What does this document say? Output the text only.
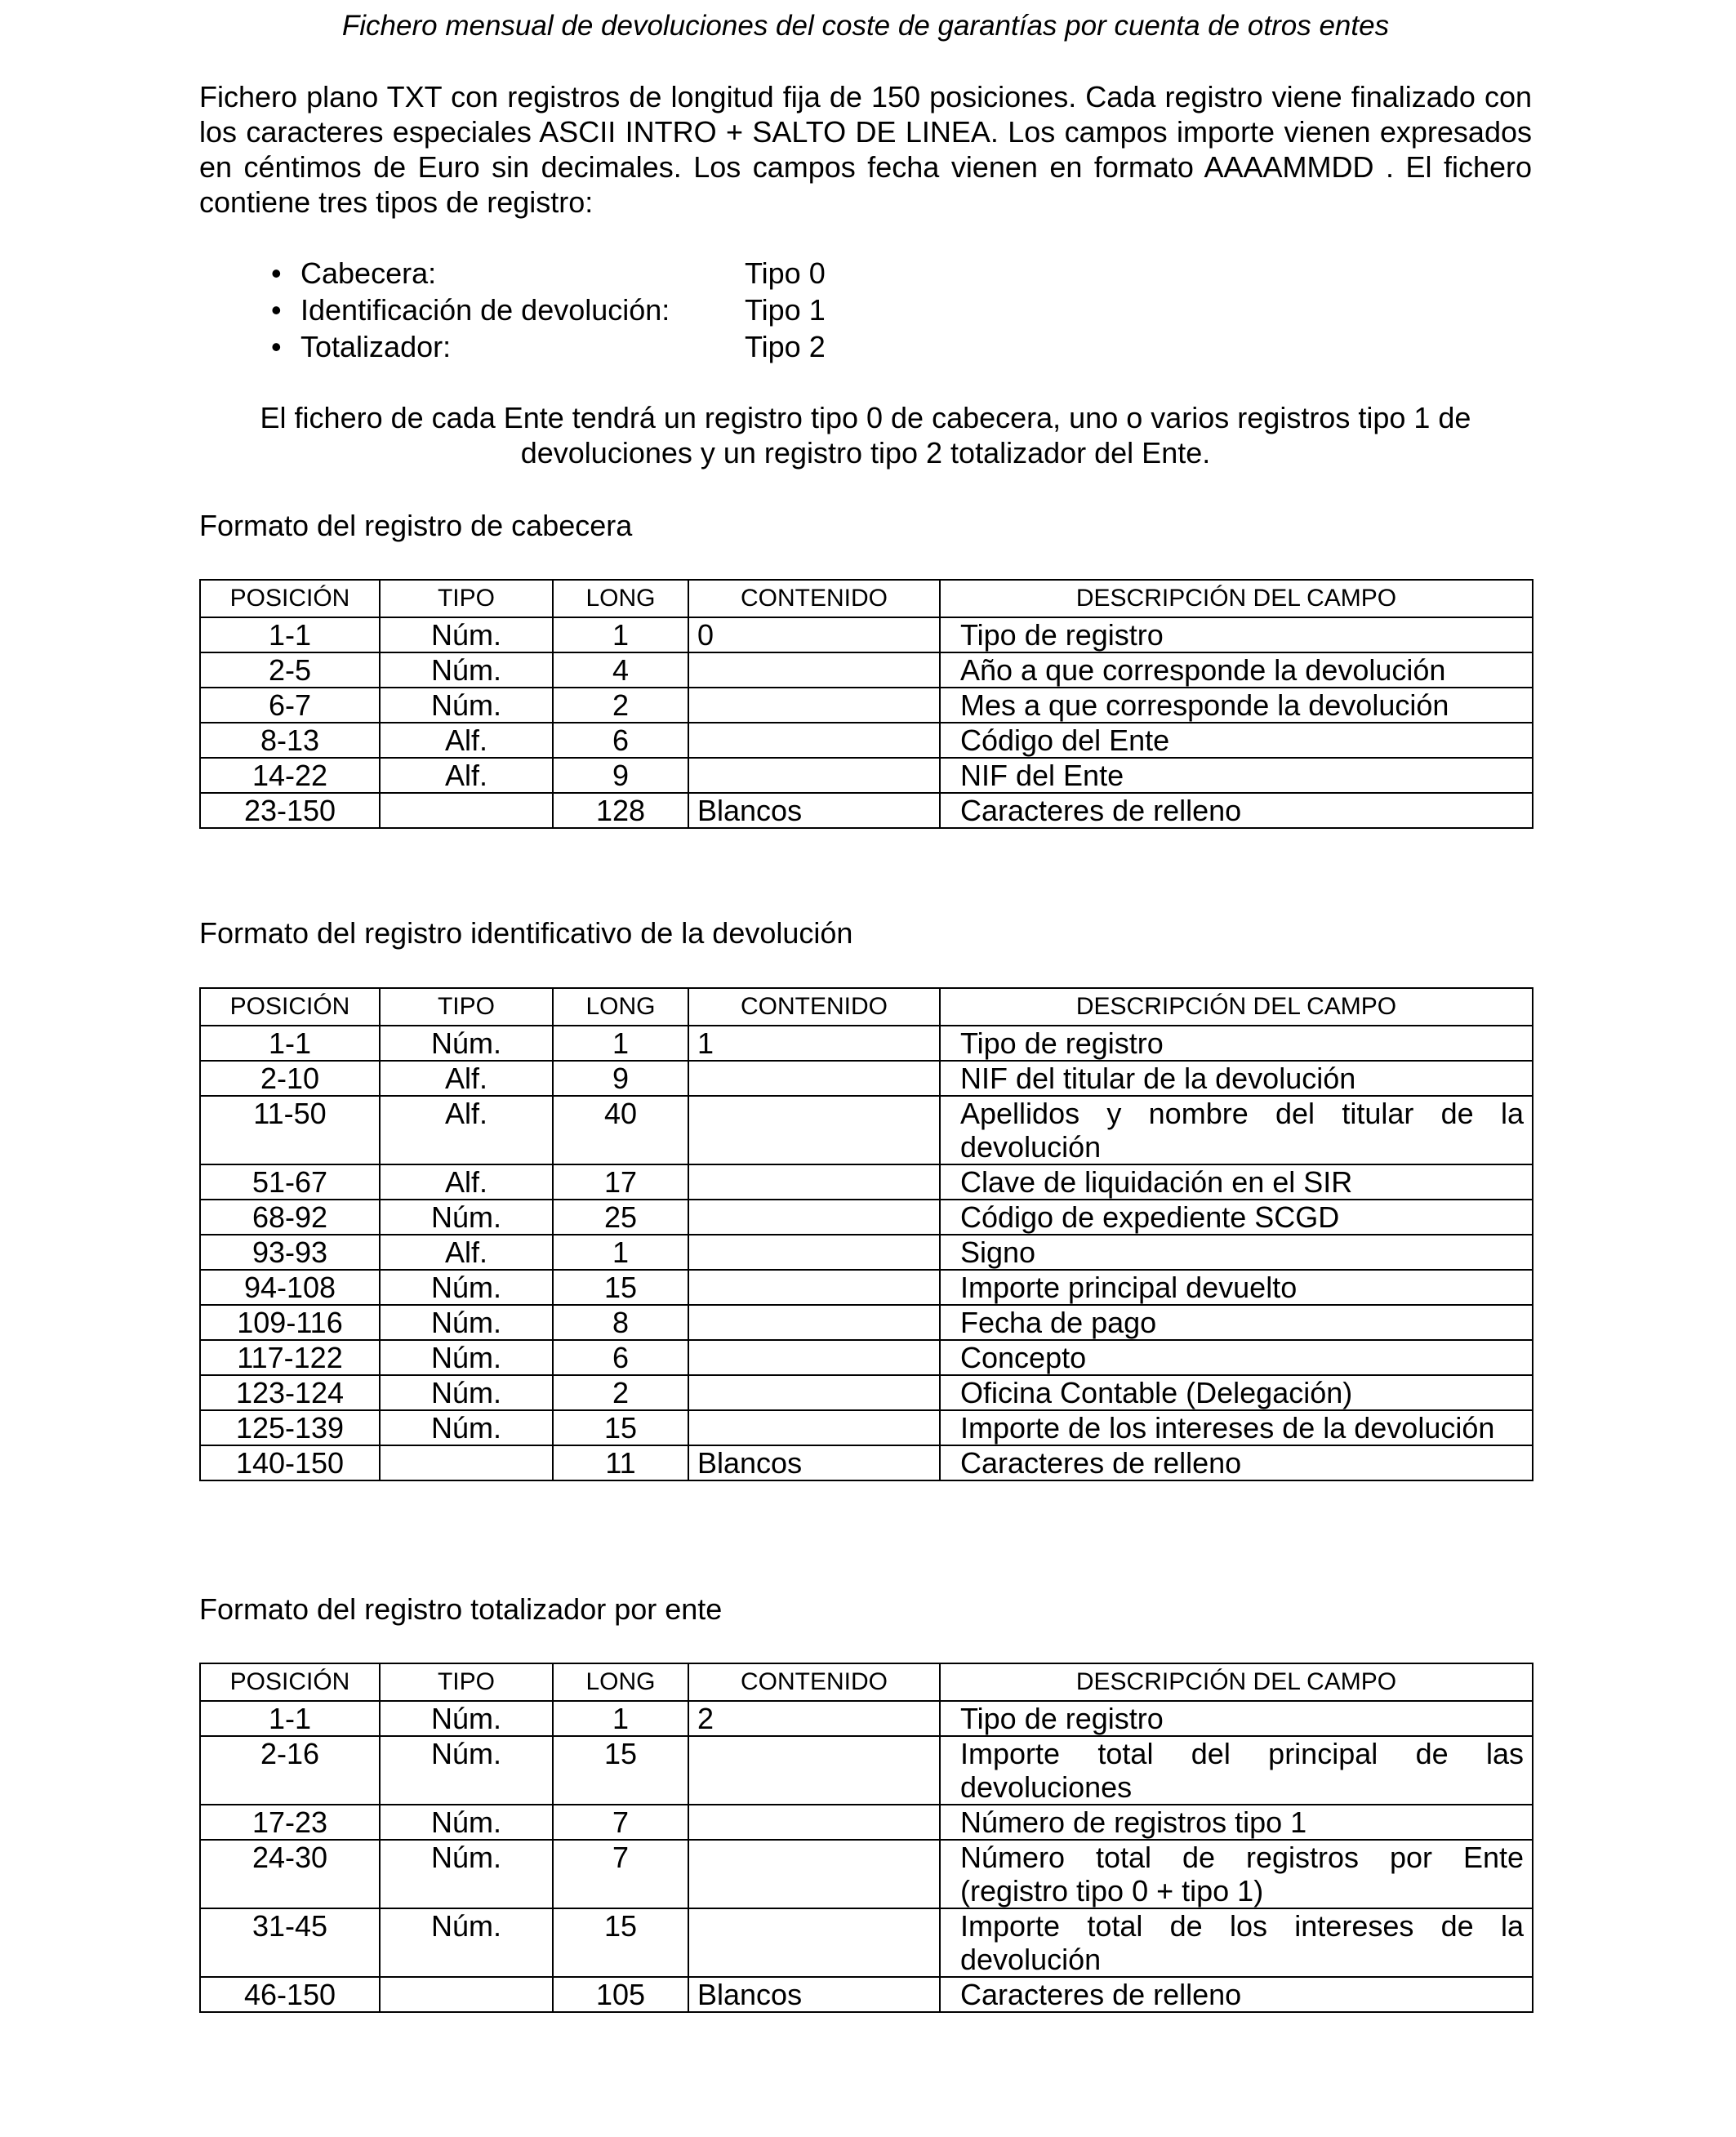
Fichero mensual de devoluciones del coste de garantías por cuenta de otros entes
Fichero plano TXT con registros de longitud fija de 150 posiciones. Cada registro viene finalizado con los caracteres especiales ASCII INTRO + SALTO DE LINEA. Los campos importe vienen expresados en céntimos de Euro sin decimales. Los campos fecha vienen en formato AAAAMMDD . El fichero contiene tres tipos de registro:
• Cabecera:	Tipo 0
• Identificación de devolución:	Tipo 1
• Totalizador:	Tipo 2
El fichero de cada Ente tendrá un registro tipo 0 de cabecera, uno o varios registros tipo 1 de devoluciones y un registro tipo 2 totalizador del Ente.
Formato del registro de cabecera
POSICIÓN	TIPO	LONG	CONTENIDO	DESCRIPCIÓN DEL CAMPO
1-1	Núm.	1	0	Tipo de registro
2-5	Núm.	4		Año a que corresponde la devolución
6-7	Núm.	2		Mes a que corresponde la devolución
8-13	Alf.	6		Código del Ente
14-22	Alf.	9		NIF del Ente
23-150		128	Blancos	Caracteres de relleno
Formato del registro identificativo de la devolución
POSICIÓN	TIPO	LONG	CONTENIDO	DESCRIPCIÓN DEL CAMPO
1-1	Núm.	1	1	Tipo de registro
2-10	Alf.	9		NIF del titular de la devolución
11-50	Alf.	40		Apellidos y nombre del titular de la devolución
51-67	Alf.	17		Clave de liquidación en el SIR
68-92	Núm.	25		Código de expediente SCGD
93-93	Alf.	1		Signo
94-108	Núm.	15		Importe principal devuelto
109-116	Núm.	8		Fecha de pago
117-122	Núm.	6		Concepto
123-124	Núm.	2		Oficina Contable (Delegación)
125-139	Núm.	15		Importe de los intereses de la devolución
140-150		11	Blancos	Caracteres de relleno
Formato del registro totalizador por ente
POSICIÓN	TIPO	LONG	CONTENIDO	DESCRIPCIÓN DEL CAMPO
1-1	Núm.	1	2	Tipo de registro
2-16	Núm.	15		Importe total del principal de las devoluciones
17-23	Núm.	7		Número de registros tipo 1
24-30	Núm.	7		Número total de registros por Ente (registro tipo 0 + tipo 1)
31-45	Núm.	15		Importe total de los intereses de la devolución
46-150		105	Blancos	Caracteres de relleno
